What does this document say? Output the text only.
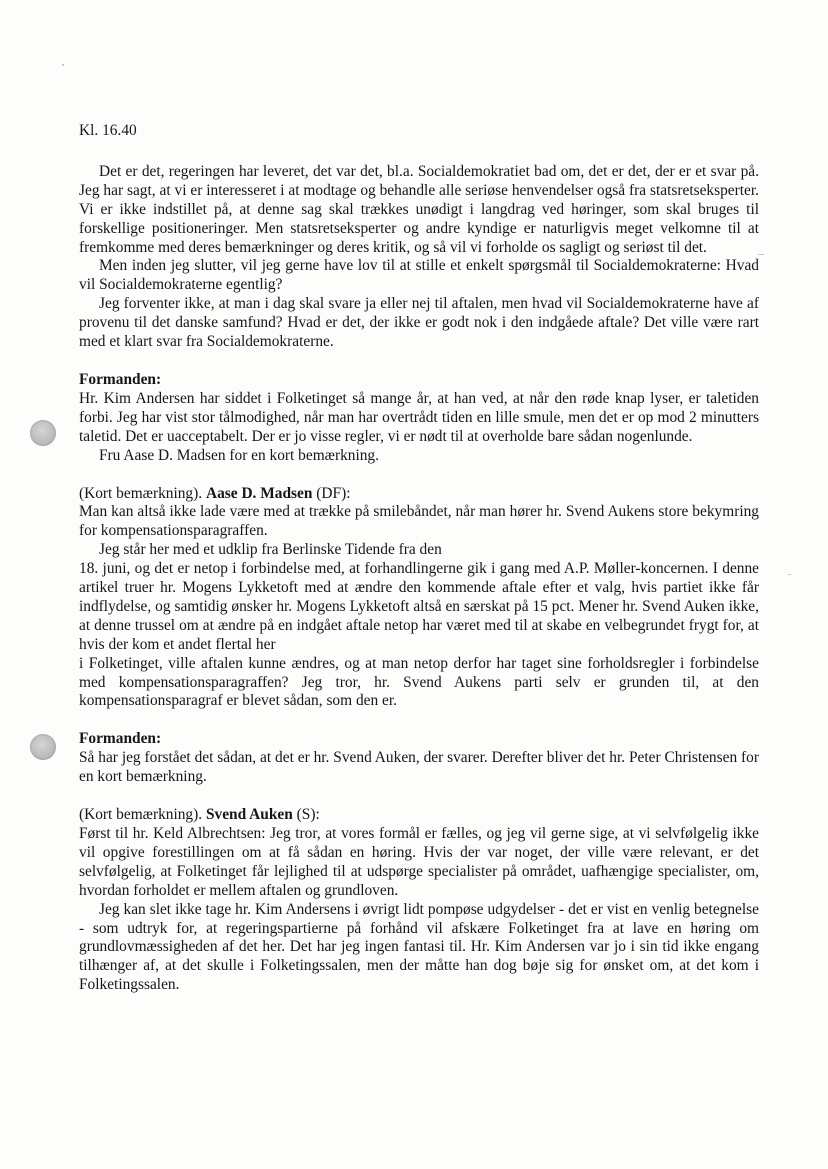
Kl. 16.40

Det er det, regeringen har leveret, det var det, bl.a. Socialdemokratiet bad om, det er det, der er et svar på. Jeg har sagt, at vi er interesseret i at modtage og behandle alle seriøse henvendelser også fra statsretseksperter. Vi er ikke indstillet på, at denne sag skal trækkes unødigt i langdrag ved høringer, som skal bruges til forskellige positioneringer. Men statsretseksperter og andre kyndige er naturligvis meget velkomne til at fremkomme med deres bemærkninger og deres kritik, og så vil vi forholde os sagligt og seriøst til det.

Men inden jeg slutter, vil jeg gerne have lov til at stille et enkelt spørgsmål til Socialdemokraterne: Hvad vil Socialdemokraterne egentlig?

Jeg forventer ikke, at man i dag skal svare ja eller nej til aftalen, men hvad vil Socialdemokraterne have af provenu til det danske samfund? Hvad er det, der ikke er godt nok i den indgåede aftale? Det ville være rart med et klart svar fra Socialdemokraterne.

Formanden:

Hr. Kim Andersen har siddet i Folketinget så mange år, at han ved, at når den røde knap lyser, er taletiden forbi. Jeg har vist stor tålmodighed, når man har overtrådt tiden en lille smule, men det er op mod 2 minutters taletid. Det er uacceptabelt. Der er jo visse regler, vi er nødt til at overholde bare sådan nogenlunde.

Fru Aase D. Madsen for en kort bemærkning.

(Kort bemærkning). Aase D. Madsen (DF):

Man kan altså ikke lade være med at trække på smilebåndet, når man hører hr. Svend Aukens store bekymring for kompensationsparagraffen.

Jeg står her med et udklip fra Berlinske Tidende fra den

18. juni, og det er netop i forbindelse med, at forhandlingerne gik i gang med A.P. Møller-koncernen. I denne artikel truer hr. Mogens Lykketoft med at ændre den kommende aftale efter et valg, hvis partiet ikke får indflydelse, og samtidig ønsker hr. Mogens Lykketoft altså en særskat på 15 pct. Mener hr. Svend Auken ikke, at denne trussel om at ændre på en indgået aftale netop har været med til at skabe en velbegrundet frygt for, at hvis der kom et andet flertal her

i Folketinget, ville aftalen kunne ændres, og at man netop derfor har taget sine forholdsregler i forbindelse med kompensationsparagraffen? Jeg tror, hr. Svend Aukens parti selv er grunden til, at den kompensationsparagraf er blevet sådan, som den er.

Formanden:

Så har jeg forstået det sådan, at det er hr. Svend Auken, der svarer. Derefter bliver det hr. Peter Christensen for en kort bemærkning.

(Kort bemærkning). Svend Auken (S):

Først til hr. Keld Albrechtsen: Jeg tror, at vores formål er fælles, og jeg vil gerne sige, at vi selvfølgelig ikke vil opgive forestillingen om at få sådan en høring. Hvis der var noget, der ville være relevant, er det selvfølgelig, at Folketinget får lejlighed til at udspørge specialister på området, uafhængige specialister, om, hvordan forholdet er mellem aftalen og grundloven.

Jeg kan slet ikke tage hr. Kim Andersens i øvrigt lidt pompøse udgydelser - det er vist en venlig betegnelse - som udtryk for, at regeringspartierne på forhånd vil afskære Folketinget fra at lave en høring om grundlovmæssigheden af det her. Det har jeg ingen fantasi til. Hr. Kim Andersen var jo i sin tid ikke engang tilhænger af, at det skulle i Folketingssalen, men der måtte han dog bøje sig for ønsket om, at det kom i Folketingssalen.
